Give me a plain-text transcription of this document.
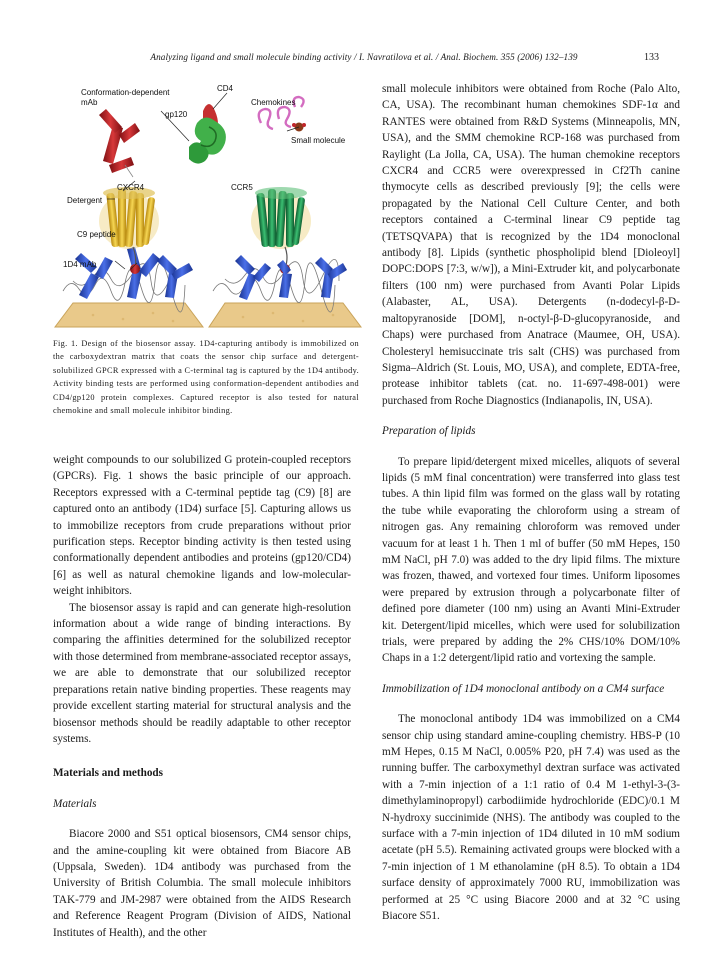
Analyzing ligand and small molecule binding activity / I. Navratilova et al. / Anal. Biochem. 355 (2006) 132–139	133
Conformation-dependent
mAb
CD4
gp120
Chemokines
Small molecule
CXCR4	CCR5
Detergent
C9 peptide
1D4 mAb
Fig. 1. Design of the biosensor assay. 1D4-capturing antibody is immobilized on the carboxydextran matrix that coats the sensor chip surface and detergent-solubilized GPCR expressed with a C-terminal tag is captured by the 1D4 antibody. Activity binding tests are performed using conformation-dependent antibodies and CD4/gp120 protein complexes. Captured receptor is also tested for natural chemokine and small molecule inhibitor binding.

weight compounds to our solubilized G protein-coupled receptors (GPCRs). Fig. 1 shows the basic principle of our approach. Receptors expressed with a C-terminal peptide tag (C9) [8] are captured onto an antibody (1D4) surface [5]. Capturing allows us to immobilize receptors from crude preparations without prior purification steps. Receptor binding activity is then tested using conformationally dependent antibodies and proteins (gp120/CD4) [6] as well as natural chemokine ligands and low-molecular-weight inhibitors.

The biosensor assay is rapid and can generate high-resolution information about a wide range of binding interactions. By comparing the affinities determined for the solubilized receptor with those determined from membrane-associated receptor assays, we are able to demonstrate that our solubilized receptor preparations retain native binding properties. These reagents may provide excellent starting material for structural analysis and the biosensor methods should be readily adaptable to other receptor systems.

Materials and methods
Materials

Biacore 2000 and S51 optical biosensors, CM4 sensor chips, and the amine-coupling kit were obtained from Biacore AB (Uppsala, Sweden). 1D4 antibody was purchased from the University of British Columbia. The small molecule inhibitors TAK-779 and JM-2987 were obtained from the AIDS Research and Reference Reagent Program (Division of AIDS, National Institutes of Health), and the other

small molecule inhibitors were obtained from Roche (Palo Alto, CA, USA). The recombinant human chemokines SDF-1α and RANTES were obtained from R&D Systems (Minneapolis, MN, USA), and the SMM chemokine RCP-168 was purchased from Raylight (La Jolla, CA, USA). The human chemokine receptors CXCR4 and CCR5 were overexpressed in Cf2Th canine thymocyte cells as described previously [9]; the cells were propagated by the National Cell Culture Center, and both receptors contained a C-terminal linear C9 peptide tag (TETSQVAPA) that is recognized by the 1D4 monoclonal antibody [8]. Lipids (synthetic phospholipid blend [Dioleoyl] DOPC:DOPS [7:3, w/w]), a Mini-Extruder kit, and polycarbonate filters (100 nm) were purchased from Avanti Polar Lipids (Alabaster, AL, USA). Detergents (n-dodecyl-β-D-maltopyranoside [DOM], n-octyl-β-D-glucopyranoside, and Chaps) were purchased from Anatrace (Maumee, OH, USA). Cholesteryl hemisuccinate tris salt (CHS) was purchased from Sigma–Aldrich (St. Louis, MO, USA), and complete, EDTA-free, protease inhibitor tablets (cat. no. 11-697-498-001) were purchased from Roche Diagnostics (Indianapolis, IN, USA).

Preparation of lipids

To prepare lipid/detergent mixed micelles, aliquots of several lipids (5 mM final concentration) were transferred into glass test tubes. A thin lipid film was formed on the glass wall by rotating the tube while evaporating the chloroform using a stream of nitrogen gas. Any remaining chloroform was removed under vacuum for at least 1 h. Then 1 ml of buffer (50 mM Hepes, 150 mM NaCl, pH 7.0) was added to the dry lipid films. The mixture was frozen, thawed, and vortexed four times. Uniform liposomes were prepared by extrusion through a polycarbonate filter of defined pore diameter (100 nm) using an Avanti Mini-Extruder kit. Detergent/lipid micelles, which were used for solubilization trials, were prepared by adding the 2% CHS/10% DOM/10% Chaps in a 1:2 detergent/lipid ratio and vortexing the sample.

Immobilization of 1D4 monoclonal antibody on a CM4 surface

The monoclonal antibody 1D4 was immobilized on a CM4 sensor chip using standard amine-coupling chemistry. HBS-P (10 mM Hepes, 0.15 M NaCl, 0.005% P20, pH 7.4) was used as the running buffer. The carboxymethyl dextran surface was activated with a 7-min injection of a 1:1 ratio of 0.4 M 1-ethyl-3-(3-dimethylaminopropyl) carbodiimide hydrochloride (EDC)/0.1 M N-hydroxy succinimide (NHS). The antibody was coupled to the surface with a 7-min injection of 1D4 diluted in 10 mM sodium acetate (pH 5.5). Remaining activated groups were blocked with a 7-min injection of 1 M ethanolamine (pH 8.5). To obtain a 1D4 surface density of approximately 7000 RU, immobilization was performed at 25 °C using Biacore 2000 and at 32 °C using Biacore S51.
